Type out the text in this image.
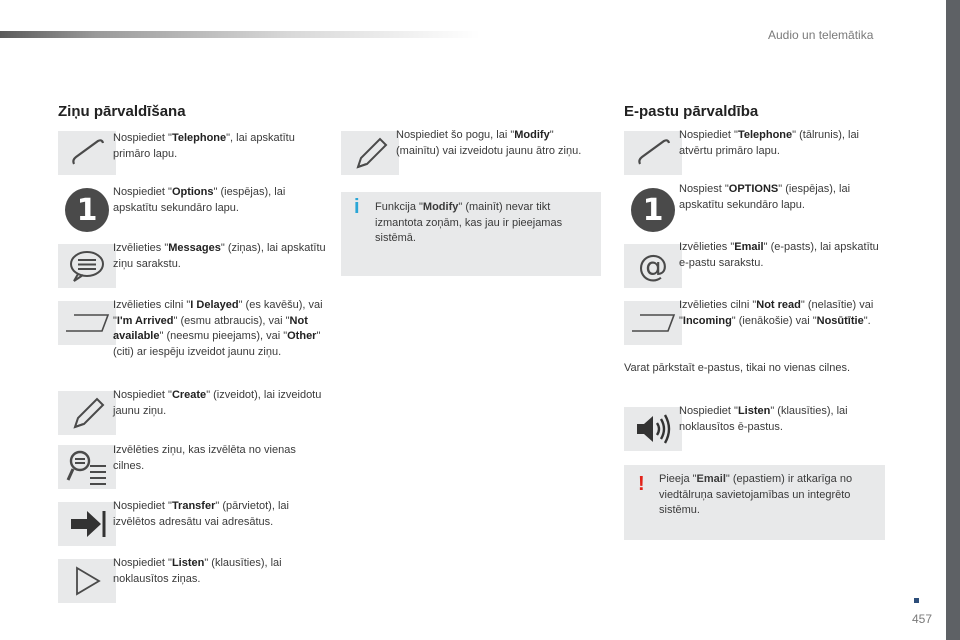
Audio un telemātika
457
Ziņu pārvaldīšana
Nospiediet "Telephone", lai apskatītu primāro lapu.
1
Nospiediet "Options" (iespējas), lai apskatītu sekundāro lapu.
Izvēlieties "Messages" (ziņas), lai apskatītu ziņu sarakstu.
Izvēlieties cilni "I Delayed" (es kavēšu), vai "I'm Arrived" (esmu atbraucis), vai "Not available" (neesmu pieejams), vai "Other" (citi) ar iespēju izveidot jaunu ziņu.
Nospiediet "Create" (izveidot), lai izveidotu jaunu ziņu.
Izvēlēties ziņu, kas izvēlēta no vienas cilnes.
Nospiediet "Transfer" (pārvietot), lai izvēlētos adresātu vai adresātus.
Nospiediet "Listen" (klausīties), lai noklausītos ziņas.
Nospiediet šo pogu, lai "Modify" (mainītu) vai izveidotu jaunu ātro ziņu.
i Funkcija "Modify" (mainīt) nevar tikt izmantota zoņām, kas jau ir pieejamas sistēmā.
E-pastu pārvaldība
Nospiediet "Telephone" (tālrunis), lai atvērtu primāro lapu.
1
Nospiest "OPTIONS" (iespējas), lai apskatītu sekundāro lapu.
@
Izvēlieties "Email" (e-pasts), lai apskatītu e-pastu sarakstu.
Izvēlieties cilni "Not read" (nelasītie) vai "Incoming" (ienākošie) vai "Nosūtītie".
Varat pārkstaīt e-pastus, tikai no vienas cilnes.
Nospiediet "Listen" (klausīties), lai noklausītos ē-pastus.
! Pieeja "Email" (epastiem) ir atkarīga no viedtālruņa savietojamības un integrēto sistēmu.
